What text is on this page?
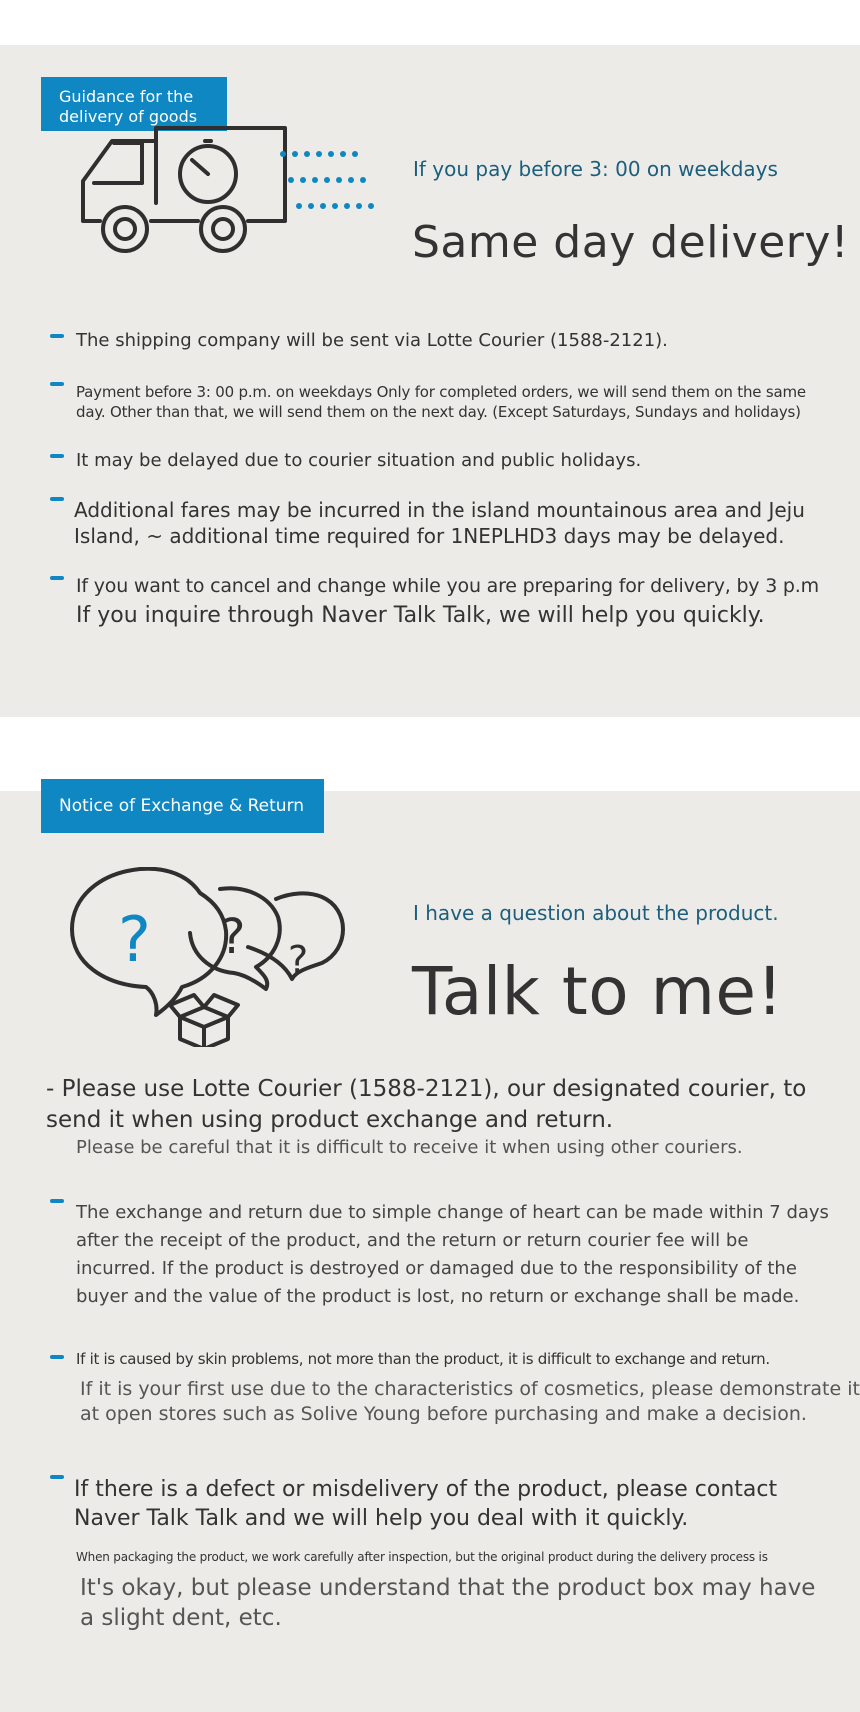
Guidance for the delivery of goods
If you pay before 3: 00 on weekdays
Same day delivery!
The shipping company will be sent via Lotte Courier (1588-2121).
Payment before 3: 00 p.m. on weekdays Only for completed orders, we will send them on the same day. Other than that, we will send them on the next day. (Except Saturdays, Sundays and holidays)
It may be delayed due to courier situation and public holidays.
Additional fares may be incurred in the island mountainous area and Jeju Island, ~ additional time required for 1NEPLHD3 days may be delayed.
If you want to cancel and change while you are preparing for delivery, by 3 p.m
If you inquire through Naver Talk Talk, we will help you quickly.
Notice of Exchange & Return
? ? ?
I have a question about the product.
Talk to me!
- Please use Lotte Courier (1588-2121), our designated courier, to send it when using product exchange and return.
Please be careful that it is difficult to receive it when using other couriers.
The exchange and return due to simple change of heart can be made within 7 days after the receipt of the product, and the return or return courier fee will be incurred. If the product is destroyed or damaged due to the responsibility of the buyer and the value of the product is lost, no return or exchange shall be made.
If it is caused by skin problems, not more than the product, it is difficult to exchange and return.
If it is your first use due to the characteristics of cosmetics, please demonstrate it at open stores such as Solive Young before purchasing and make a decision.
If there is a defect or misdelivery of the product, please contact Naver Talk Talk and we will help you deal with it quickly.
When packaging the product, we work carefully after inspection, but the original product during the delivery process is
It's okay, but please understand that the product box may have a slight dent, etc.
